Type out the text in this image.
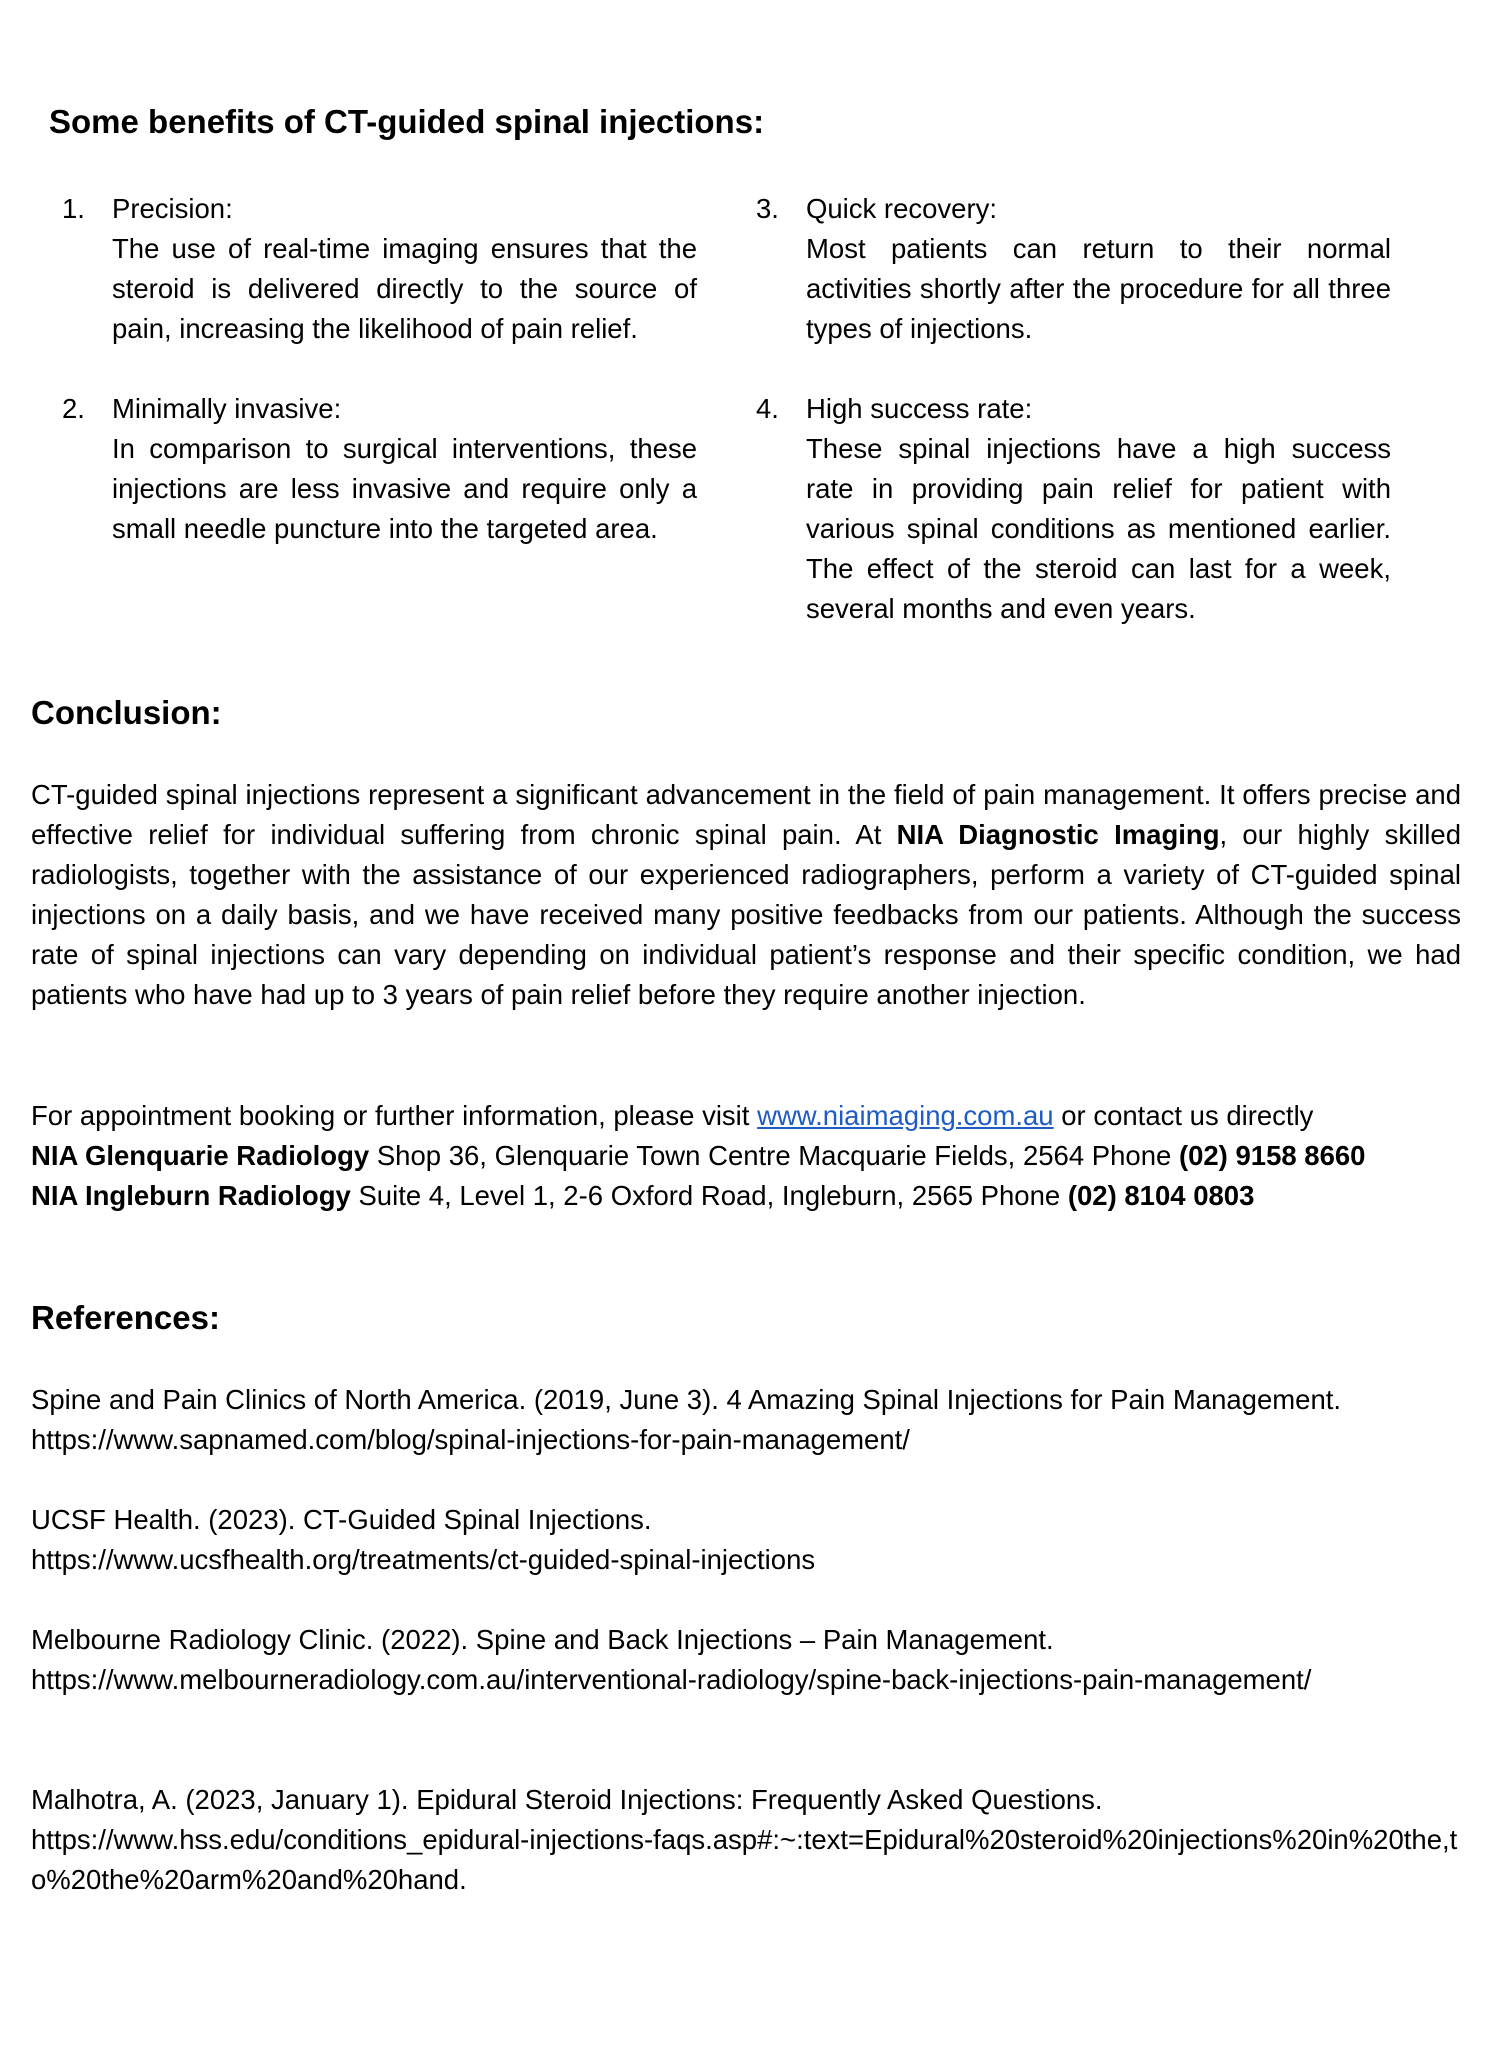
Some benefits of CT-guided spinal injections:
1. Precision:
The use of real-time imaging ensures that the steroid is delivered directly to the source of pain, increasing the likelihood of pain relief.
2. Minimally invasive:
In comparison to surgical interventions, these injections are less invasive and require only a small needle puncture into the targeted area.
3. Quick recovery:
Most patients can return to their normal activities shortly after the procedure for all three types of injections.
4. High success rate:
These spinal injections have a high success rate in providing pain relief for patient with various spinal conditions as mentioned earlier. The effect of the steroid can last for a week, several months and even years.
Conclusion:

CT-guided spinal injections represent a significant advancement in the field of pain management. It offers precise and effective relief for individual suffering from chronic spinal pain. At NIA Diagnostic Imaging, our highly skilled radiologists, together with the assistance of our experienced radiographers, perform a variety of CT-guided spinal injections on a daily basis, and we have received many positive feedbacks from our patients. Although the success rate of spinal injections can vary depending on individual patient’s response and their specific condition, we had patients who have had up to 3 years of pain relief before they require another injection.

For appointment booking or further information, please visit www.niaimaging.com.au or contact us directly
NIA Glenquarie Radiology Shop 36, Glenquarie Town Centre Macquarie Fields, 2564 Phone (02) 9158 8660
NIA Ingleburn Radiology Suite 4, Level 1, 2-6 Oxford Road, Ingleburn, 2565 Phone (02) 8104 0803

References:

Spine and Pain Clinics of North America. (2019, June 3). 4 Amazing Spinal Injections for Pain Management.
https://www.sapnamed.com/blog/spinal-injections-for-pain-management/

UCSF Health. (2023). CT-Guided Spinal Injections.
https://www.ucsfhealth.org/treatments/ct-guided-spinal-injections

Melbourne Radiology Clinic. (2022). Spine and Back Injections – Pain Management.
https://www.melbourneradiology.com.au/interventional-radiology/spine-back-injections-pain-management/

Malhotra, A. (2023, January 1). Epidural Steroid Injections: Frequently Asked Questions.
https://www.hss.edu/conditions_epidural-injections-faqs.asp#:~:text=Epidural%20steroid%20injections%20in%20the,to%20the%20arm%20and%20hand.
